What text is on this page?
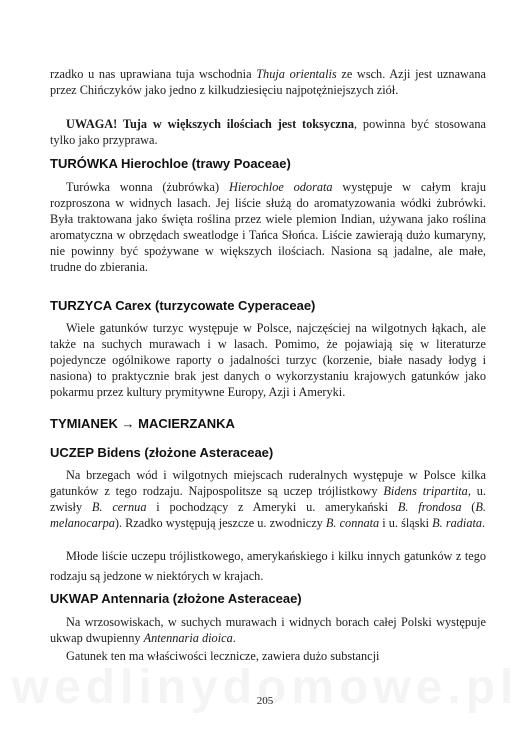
rzadko u nas uprawiana tuja wschodnia Thuja orientalis ze wsch. Azji jest uznawana przez Chińczyków jako jedno z kilkudziesięciu najpotężniejszych ziół.

UWAGA! Tuja w większych ilościach jest toksyczna, powinna być stosowana tylko jako przyprawa.

TURÓWKA Hierochloe (trawy Poaceae)

Turówka wonna (żubrówka) Hierochloe odorata występuje w całym kraju rozproszona w widnych lasach. Jej liście służą do aromatyzowania wódki żubrówki. Była traktowana jako święta roślina przez wiele plemion Indian, używana jako roślina aromatyczna w obrzędach sweatlodge i Tańca Słońca. Liście zawierają dużo kumaryny, nie powinny być spożywane w większych ilościach. Nasiona są jadalne, ale małe, trudne do zbierania.

TURZYCA Carex (turzycowate Cyperaceae)

Wiele gatunków turzyc występuje w Polsce, najczęściej na wilgotnych łąkach, ale także na suchych murawach i w lasach. Pomimo, że pojawiają się w literaturze pojedyncze ogólnikowe raporty o jadalności turzyc (korzenie, białe nasady łodyg i nasiona) to praktycznie brak jest danych o wykorzystaniu krajowych gatunków jako pokarmu przez kultury prymitywne Europy, Azji i Ameryki.

TYMIANEK → MACIERZANKA
UCZEP Bidens (złożone Asteraceae)

Na brzegach wód i wilgotnych miejscach ruderalnych występuje w Polsce kilka gatunków z tego rodzaju. Najpospolitsze są uczep trójlistkowy Bidens tripartita, u. zwisły B. cernua i pochodzący z Ameryki u. amerykański B. frondosa (B. melanocarpa). Rzadko występują jeszcze u. zwodniczy B. connata i u. śląski B. radiata.

Młode liście uczepu trójlistkowego, amerykańskiego i kilku innych gatunków z tego rodzaju są jedzone w niektórych w krajach.

UKWAP Antennaria (złożone Asteraceae)

Na wrzosowiskach, w suchych murawach i widnych borach całej Polski występuje ukwap dwupienny Antennaria dioica.

Gatunek ten ma właściwości lecznicze, zawiera dużo substancji

205
